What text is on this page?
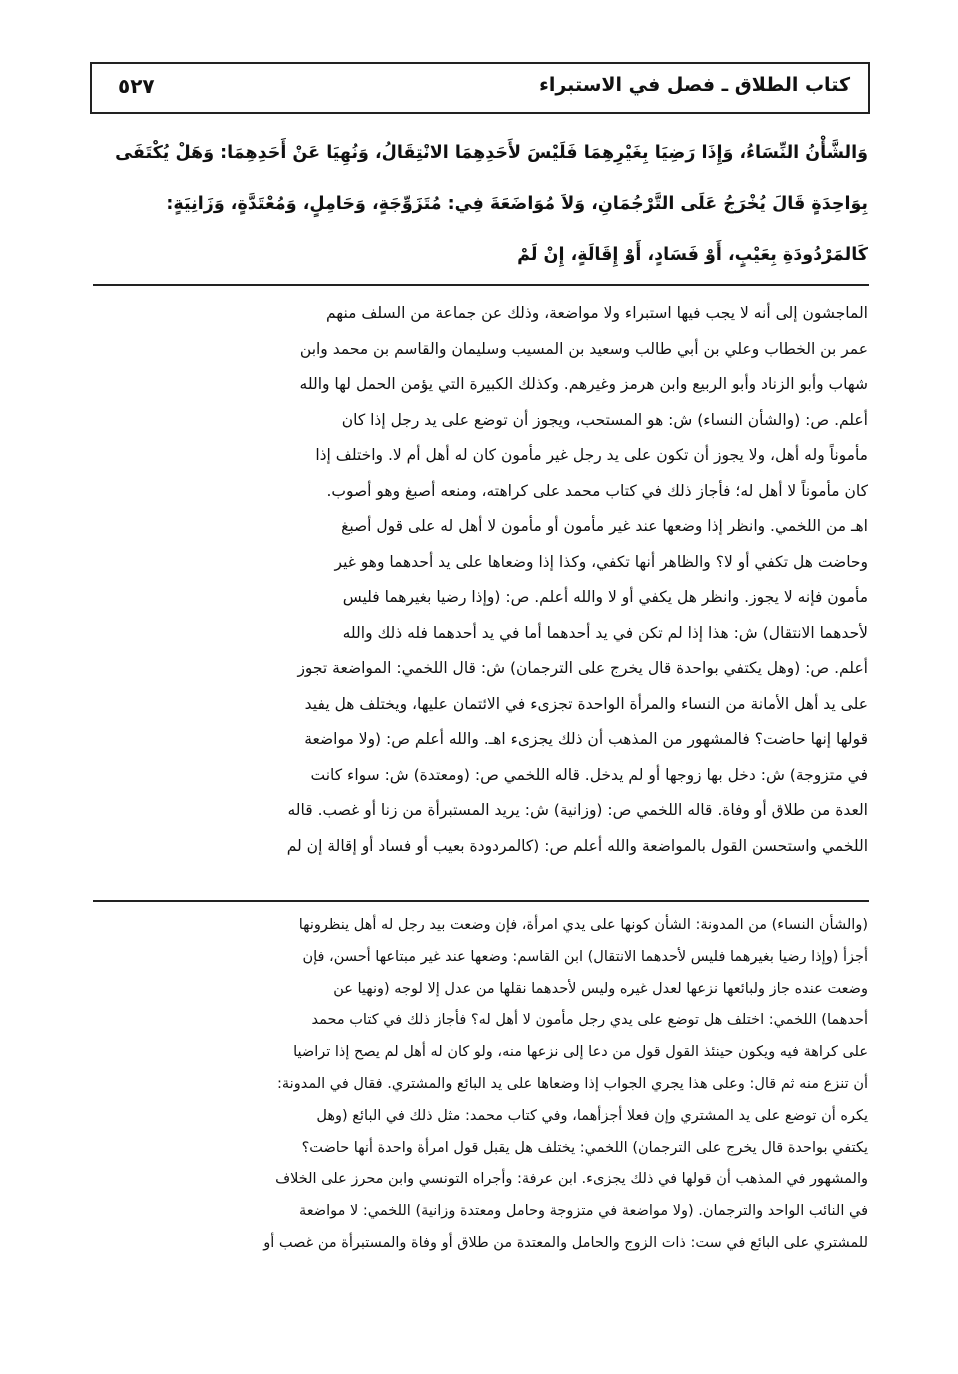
كتاب الطلاق ـ فصل في الاستبراء
٥٢٧

وَالشَّأْنُ النِّسَاءُ، وَإِذَا رَضِيَا بِغَيْرِهِمَا فَلَيْسَ لأَحَدِهِمَا الانْتِقَالُ، وَنُهِيَا عَنْ أَحَدِهِمَا: وَهَلْ يُكْتَفَى

بِوَاحِدَةٍ قَالَ يُخْرَجُ عَلَى التَّرْجُمَانِ، وَلاَ مُوَاضَعَةَ فِي: مُتَزَوِّجَةٍ، وَحَامِلٍ، وَمُعْتَدَّةٍ، وَزَانِيَةٍ:

كَالمَرْدُودَةِ بِعَيْبٍ، أَوْ فَسَادٍ، أَوْ إِقَالَةٍ، إِنْ لَمْ

الماجشون إلى أنه لا يجب فيها استبراء ولا مواضعة، وذلك عن جماعة من السلف منهم

عمر بن الخطاب وعلي بن أبي طالب وسعيد بن المسيب وسليمان والقاسم بن محمد وابن

شهاب وأبو الزناد وأبو الربيع وابن هرمز وغيرهم. وكذلك الكبيرة التي يؤمن الحمل لها والله

أعلم. ص: (والشأن النساء) ش: هو المستحب، ويجوز أن توضع على يد رجل إذا كان

مأموناً وله أهل، ولا يجوز أن تكون على يد رجل غير مأمون كان له أهل أم لا. واختلف إذا

كان مأموناً لا أهل له؛ فأجاز ذلك في كتاب محمد على كراهته، ومنعه أصبغ وهو أصوب.

اهـ من اللخمي. وانظر إذا وضعها عند غير مأمون أو مأمون لا أهل له على قول أصبغ

وحاضت هل تكفي أو لا؟ والظاهر أنها تكفي، وكذا إذا وضعاها على يد أحدهما وهو غير

مأمون فإنه لا يجوز. وانظر هل يكفي أو لا والله أعلم. ص: (وإذا رضيا بغيرهما فليس

لأحدهما الانتقال) ش: هذا إذا لم تكن في يد أحدهما أما في يد أحدهما فله ذلك والله

أعلم. ص: (وهل يكتفي بواحدة قال يخرج على الترجمان) ش: قال اللخمي: المواضعة تجوز

على يد أهل الأمانة من النساء والمرأة الواحدة تجزىء في الائتمان عليها، ويختلف هل يفيد

قولها إنها حاضت؟ فالمشهور من المذهب أن ذلك يجزىء اهـ. والله أعلم ص: (ولا مواضعة

في متزوجة) ش: دخل بها زوجها أو لم يدخل. قاله اللخمي ص: (ومعتدة) ش: سواء كانت

العدة من طلاق أو وفاة. قاله اللخمي ص: (وزانية) ش: يريد المستبرأة من زنا أو غصب. قاله

اللخمي واستحسن القول بالمواضعة والله أعلم ص: (كالمردودة بعيب أو فساد أو إقالة إن لم

(والشأن النساء) من المدونة: الشأن كونها على يدي امرأة، فإن وضعت بيد رجل له أهل ينظرونها

أجزأ (وإذا رضيا بغيرهما فليس لأحدهما الانتقال) ابن القاسم: وضعها عند غير مبتاعها أحسن، فإن

وضعت عنده جاز ولبائعها نزعها لعدل غيره وليس لأحدهما نقلها من عدل إلا لوجه (ونهيا عن

أحدهما) اللخمي: اختلف هل توضع على يدي رجل مأمون لا أهل له؟ فأجاز ذلك في كتاب محمد

على كراهة فيه ويكون حينئذ القول قول من دعا إلى نزعها منه، ولو كان له أهل لم يصح إذا تراضيا

أن تنزع منه ثم قال: وعلى هذا يجري الجواب إذا وضعاها على يد البائع والمشتري. فقال في المدونة:

يكره أن توضع على يد المشتري وإن فعلا أجزأهما، وفي كتاب محمد: مثل ذلك في البائع (وهل

يكتفي بواحدة قال يخرج على الترجمان) اللخمي: يختلف هل يقبل قول امرأة واحدة أنها حاضت؟

والمشهور في المذهب أن قولها في ذلك يجزىء. ابن عرفة: وأجراه التونسي وابن محرز على الخلاف

في النائب الواحد والترجمان. (ولا مواضعة في متزوجة وحامل ومعتدة وزانية) اللخمي: لا مواضعة

للمشتري على البائع في ست: ذات الزوج والحامل والمعتدة من طلاق أو وفاة والمستبرأة من غصب أو
